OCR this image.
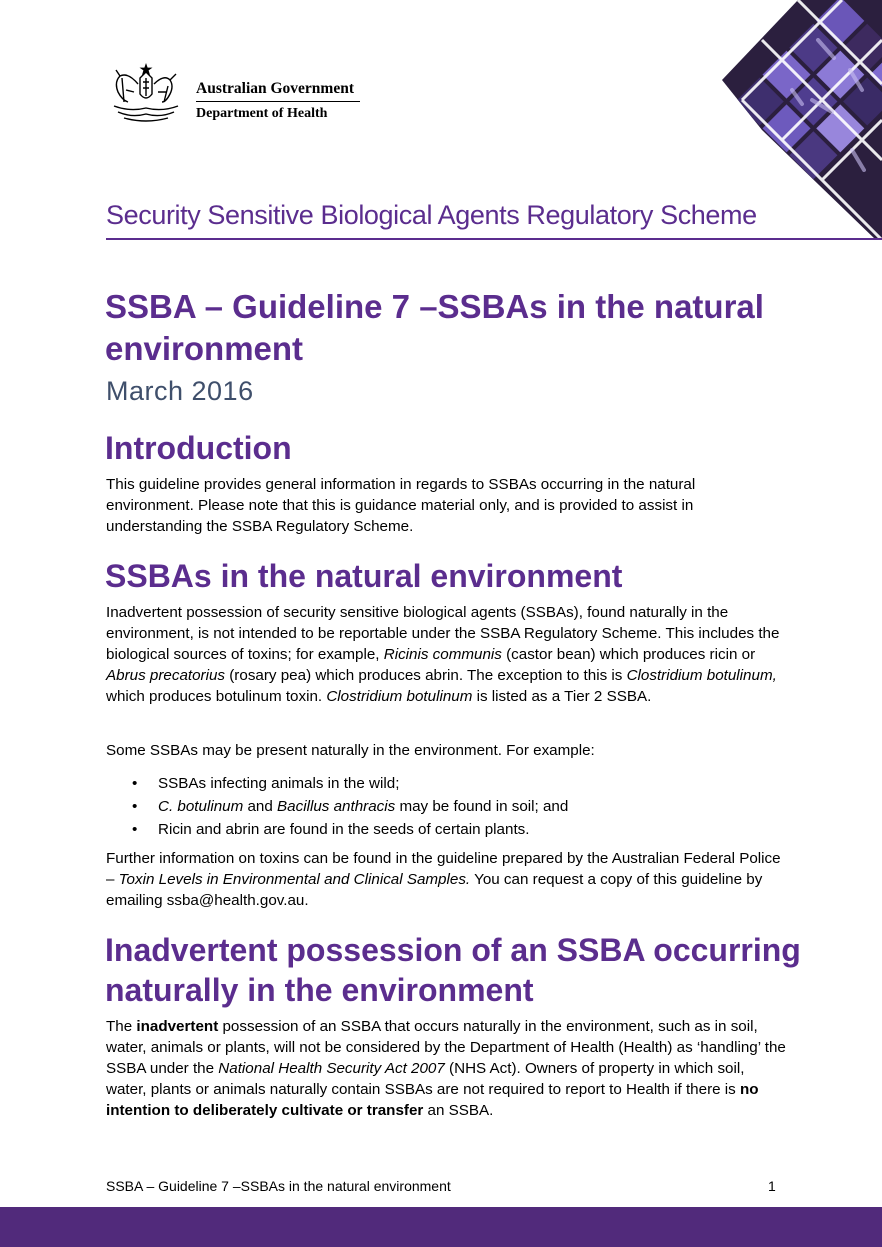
Australian Government
Department of Health
Security Sensitive Biological Agents Regulatory Scheme
SSBA – Guideline 7 –SSBAs in the natural environment
March 2016
Introduction

This guideline provides general information in regards to SSBAs occurring in the natural environment. Please note that this is guidance material only, and is provided to assist in understanding the SSBA Regulatory Scheme.

SSBAs in the natural environment

Inadvertent possession of security sensitive biological agents (SSBAs), found naturally in the environment, is not intended to be reportable under the SSBA Regulatory Scheme. This includes the biological sources of toxins; for example, Ricinis communis (castor bean) which produces ricin or Abrus precatorius (rosary pea) which produces abrin. The exception to this is Clostridium botulinum, which produces botulinum toxin. Clostridium botulinum is listed as a Tier 2 SSBA.

Some SSBAs may be present naturally in the environment. For example:

• SSBAs infecting animals in the wild;
• C. botulinum and Bacillus anthracis may be found in soil; and
• Ricin and abrin are found in the seeds of certain plants.

Further information on toxins can be found in the guideline prepared by the Australian Federal Police – Toxin Levels in Environmental and Clinical Samples. You can request a copy of this guideline by emailing ssba@health.gov.au.

Inadvertent possession of an SSBA occurring naturally in the environment

The inadvertent possession of an SSBA that occurs naturally in the environment, such as in soil, water, animals or plants, will not be considered by the Department of Health (Health) as ‘handling’ the SSBA under the National Health Security Act 2007 (NHS Act). Owners of property in which soil, water, plants or animals naturally contain SSBAs are not required to report to Health if there is no intention to deliberately cultivate or transfer an SSBA.

SSBA – Guideline 7 –SSBAs in the natural environment	1
